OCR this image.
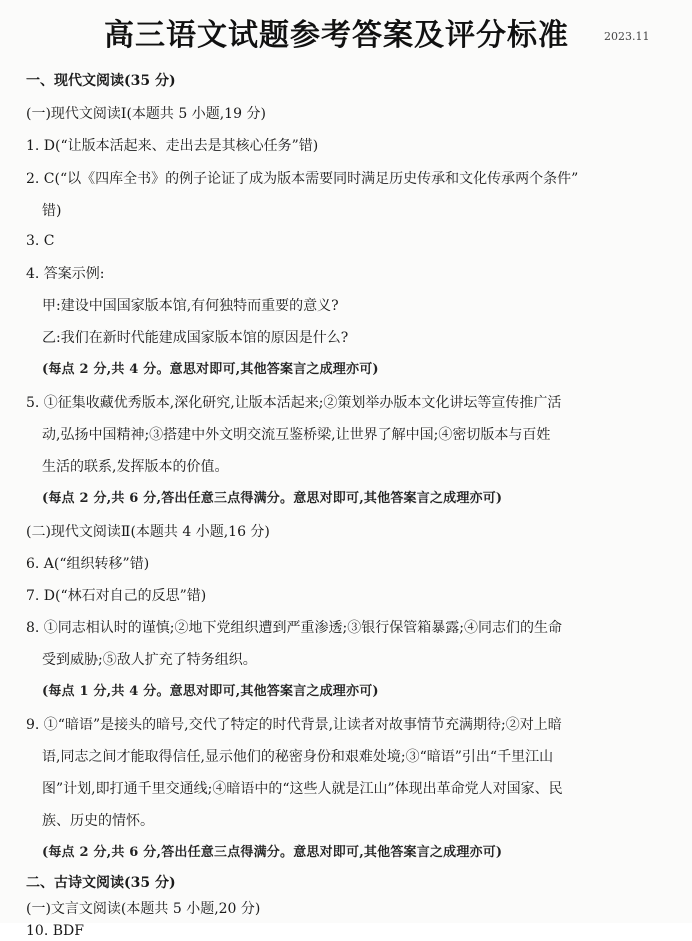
高三语文试题参考答案及评分标准	2023.11
一、现代文阅读(35 分)
(一)现代文阅读Ⅰ(本题共 5 小题,19 分)
1. D(“让版本活起来、走出去是其核心任务”错)
2. C(“以《四库全书》的例子论证了成为版本需要同时满足历史传承和文化传承两个条件”
错)
3. C
4. 答案示例:
甲:建设中国国家版本馆,有何独特而重要的意义?
乙:我们在新时代能建成国家版本馆的原因是什么?
(每点 2 分,共 4 分。意思对即可,其他答案言之成理亦可)
5. ①征集收藏优秀版本,深化研究,让版本活起来;②策划举办版本文化讲坛等宣传推广活
动,弘扬中国精神;③搭建中外文明交流互鉴桥梁,让世界了解中国;④密切版本与百姓
生活的联系,发挥版本的价值。
(每点 2 分,共 6 分,答出任意三点得满分。意思对即可,其他答案言之成理亦可)
(二)现代文阅读Ⅱ(本题共 4 小题,16 分)
6. A(“组织转移”错)
7. D(“林石对自己的反思”错)
8. ①同志相认时的谨慎;②地下党组织遭到严重渗透;③银行保管箱暴露;④同志们的生命
受到威胁;⑤敌人扩充了特务组织。
(每点 1 分,共 4 分。意思对即可,其他答案言之成理亦可)
9. ①“暗语”是接头的暗号,交代了特定的时代背景,让读者对故事情节充满期待;②对上暗
语,同志之间才能取得信任,显示他们的秘密身份和艰难处境;③“暗语”引出“千里江山
图”计划,即打通千里交通线;④暗语中的“这些人就是江山”体现出革命党人对国家、民
族、历史的情怀。
(每点 2 分,共 6 分,答出任意三点得满分。意思对即可,其他答案言之成理亦可)
二、古诗文阅读(35 分)
(一)文言文阅读(本题共 5 小题,20 分)
10. BDF
